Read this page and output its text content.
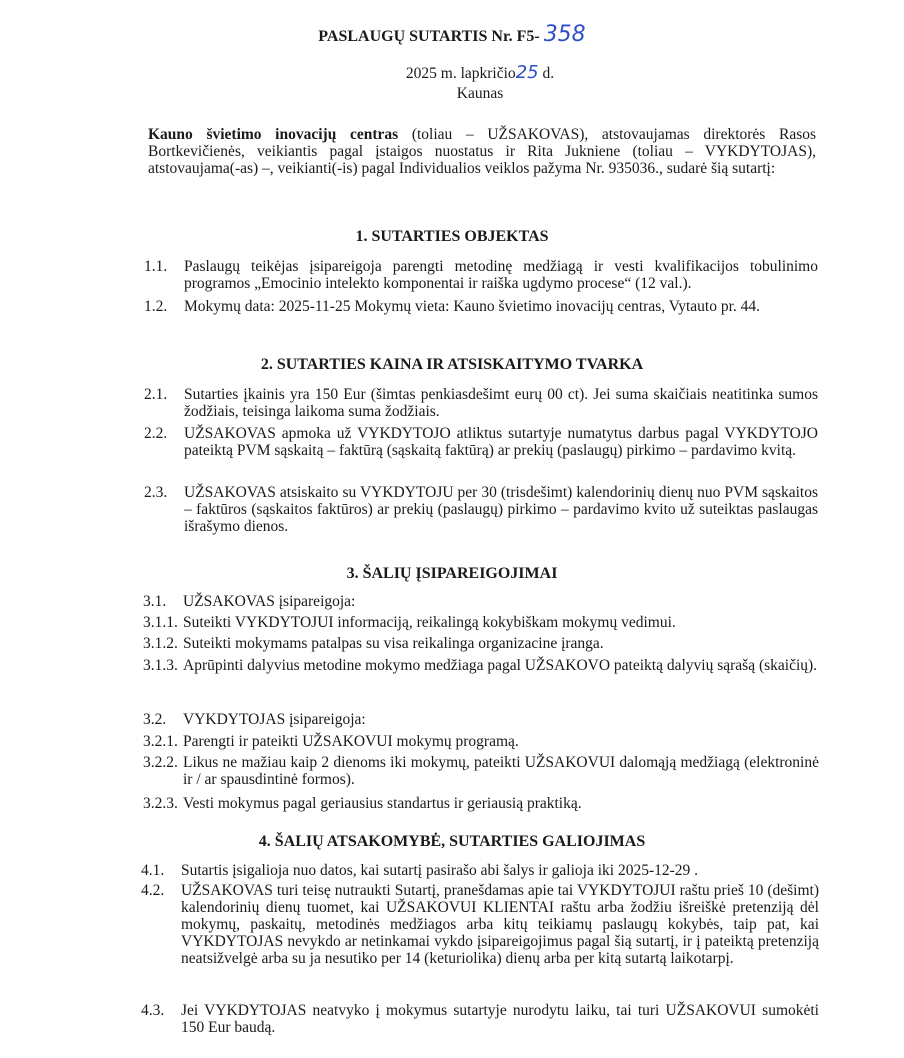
PASLAUGŲ SUTARTIS Nr. F5- 358
2025 m. lapkričio25 d.
Kaunas
Kauno švietimo inovacijų centras (toliau – UŽSAKOVAS), atstovaujamas direktorės Rasos Bortkevičienės, veikiantis pagal įstaigos nuostatus ir Rita Jukniene (toliau – VYKDYTOJAS), atstovaujama(-as) –, veikianti(-is) pagal Individualios veiklos pažyma Nr. 935036., sudarė šią sutartį:
1. SUTARTIES OBJEKTAS
1.1.	Paslaugų teikėjas įsipareigoja parengti metodinę medžiagą ir vesti kvalifikacijos tobulinimo programos „Emocinio intelekto komponentai ir raiška ugdymo procese“ (12 val.).
1.2.	Mokymų data: 2025-11-25 Mokymų vieta: Kauno švietimo inovacijų centras, Vytauto pr. 44.
2. SUTARTIES KAINA IR ATSISKAITYMO TVARKA
2.1.	Sutarties įkainis yra 150 Eur (šimtas penkiasdešimt eurų 00 ct). Jei suma skaičiais neatitinka sumos žodžiais, teisinga laikoma suma žodžiais.
2.2.	UŽSAKOVAS apmoka už VYKDYTOJO atliktus sutartyje numatytus darbus pagal VYKDYTOJO pateiktą PVM sąskaitą – faktūrą (sąskaitą faktūrą) ar prekių (paslaugų) pirkimo – pardavimo kvitą.
2.3.	UŽSAKOVAS atsiskaito su VYKDYTOJU per 30 (trisdešimt) kalendorinių dienų nuo PVM sąskaitos – faktūros (sąskaitos faktūros) ar prekių (paslaugų) pirkimo – pardavimo kvito už suteiktas paslaugas išrašymo dienos.
3. ŠALIŲ ĮSIPAREIGOJIMAI
3.1.	UŽSAKOVAS įsipareigoja:
3.1.1. Suteikti VYKDYTOJUI informaciją, reikalingą kokybiškam mokymų vedimui.
3.1.2. Suteikti mokymams patalpas su visa reikalinga organizacine įranga.
3.1.3. Aprūpinti dalyvius metodine mokymo medžiaga pagal UŽSAKOVO pateiktą dalyvių sąrašą (skaičių).
3.2.	VYKDYTOJAS įsipareigoja:
3.2.1. Parengti ir pateikti UŽSAKOVUI mokymų programą.
3.2.2. Likus ne mažiau kaip 2 dienoms iki mokymų, pateikti UŽSAKOVUI dalomąją medžiagą (elektroninė ir / ar spausdintinė formos).
3.2.3. Vesti mokymus pagal geriausius standartus ir geriausią praktiką.
4. ŠALIŲ ATSAKOMYBĖ, SUTARTIES GALIOJIMAS
4.1.	Sutartis įsigalioja nuo datos, kai sutartį pasirašo abi šalys ir galioja iki 2025-12-29 .
4.2.	UŽSAKOVAS turi teisę nutraukti Sutartį, pranešdamas apie tai VYKDYTOJUI raštu prieš 10 (dešimt) kalendorinių dienų tuomet, kai UŽSAKOVUI KLIENTAI raštu arba žodžiu išreiškė pretenziją dėl mokymų, paskaitų, metodinės medžiagos arba kitų teikiamų paslaugų kokybės, taip pat, kai VYKDYTOJAS nevykdo ar netinkamai vykdo įsipareigojimus pagal šią sutartį, ir į pateiktą pretenziją neatsižvelgė arba su ja nesutiko per 14 (keturiolika) dienų arba per kitą sutartą laikotarpį.
4.3.	Jei VYKDYTOJAS neatvyko į mokymus sutartyje nurodytu laiku, tai turi UŽSAKOVUI sumokėti 150 Eur baudą.
